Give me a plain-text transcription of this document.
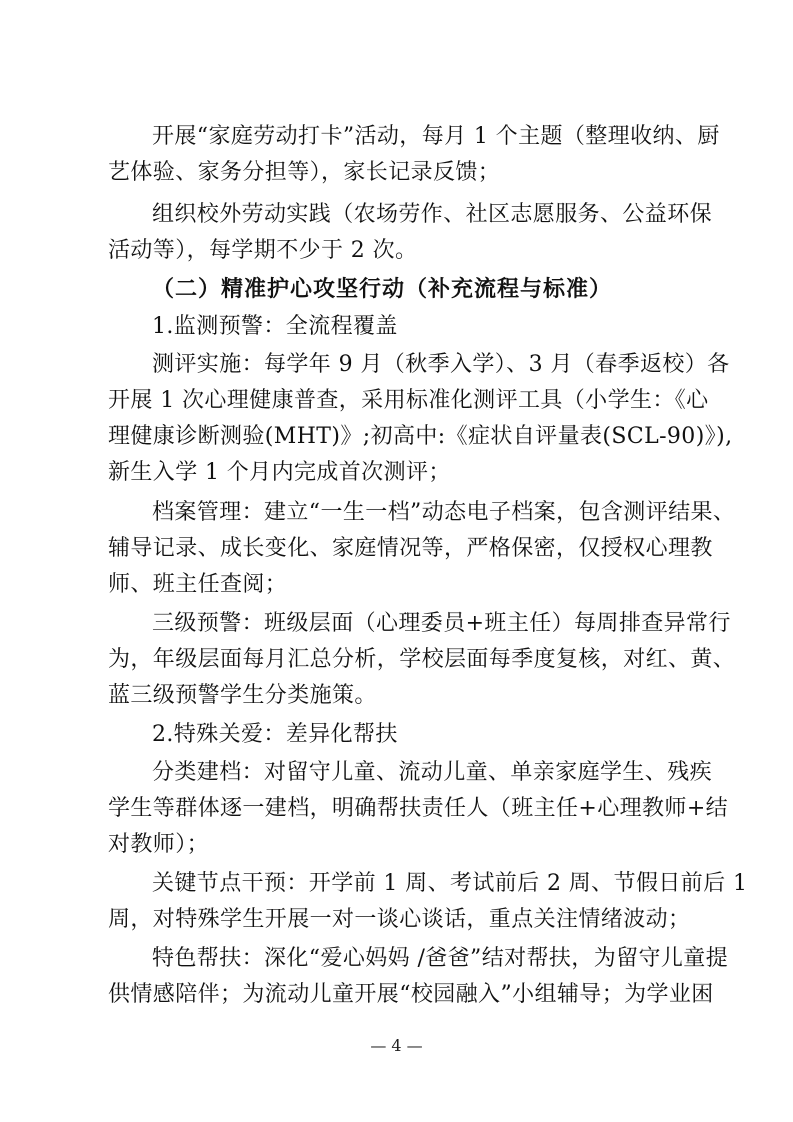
开展“家庭劳动打卡”活动，每月 1 个主题（整理收纳、厨
艺体验、家务分担等），家长记录反馈；
组织校外劳动实践（农场劳作、社区志愿服务、公益环保
活动等），每学期不少于 2 次。
（二）精准护心攻坚行动（补充流程与标准）
1.监测预警：全流程覆盖
测评实施：每学年 9 月（秋季入学）、3 月（春季返校）各
开展 1 次心理健康普查，采用标准化测评工具（小学生：《心
理健康诊断测验(MHT)》;初高中:《症状自评量表(SCL-90)》),
新生入学 1 个月内完成首次测评；
档案管理：建立“一生一档”动态电子档案，包含测评结果、
辅导记录、成长变化、家庭情况等，严格保密，仅授权心理教
师、班主任查阅；
三级预警：班级层面（心理委员+班主任）每周排查异常行
为，年级层面每月汇总分析，学校层面每季度复核，对红、黄、
蓝三级预警学生分类施策。
2.特殊关爱：差异化帮扶
分类建档：对留守儿童、流动儿童、单亲家庭学生、残疾
学生等群体逐一建档，明确帮扶责任人（班主任+心理教师+结
对教师）；
关键节点干预：开学前 1 周、考试前后 2 周、节假日前后 1
周，对特殊学生开展一对一谈心谈话，重点关注情绪波动；
特色帮扶：深化“爱心妈妈 /爸爸”结对帮扶，为留守儿童提
供情感陪伴；为流动儿童开展“校园融入”小组辅导；为学业困
— 4 —
